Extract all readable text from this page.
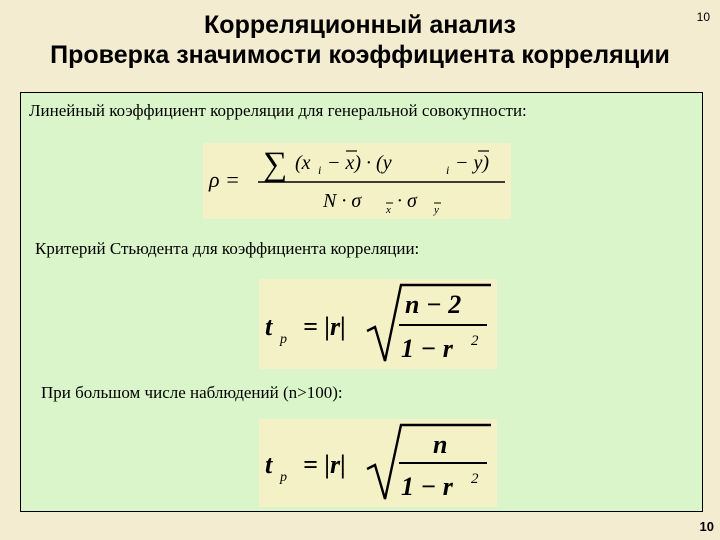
10
Корреляционный анализ
Проверка значимости коэффициента корреляции
Линейный коэффициент корреляции для генеральной совокупности:
ρ = ∑ (x i − x) · (y	i − y)
N · σ x · σ y
Критерий Стьюдента для коэффициента корреляции:
t p = |r|
n − 2
1 − r 2
При большом числе наблюдений (n>100):
t p = |r|
n
1 − r 2
10
